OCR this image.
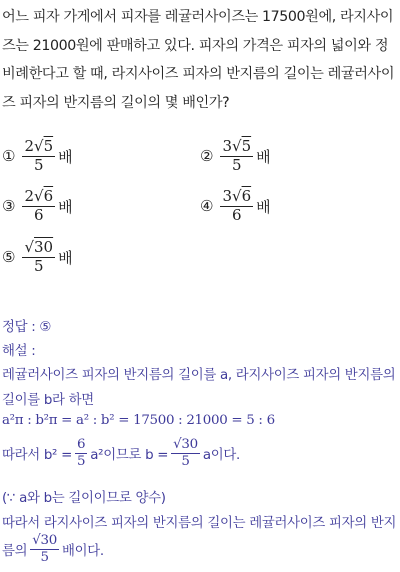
어느 피자 가게에서 피자를 레귤러사이즈는 17500원에, 라지사이
즈는 21000원에 판매하고 있다. 피자의 가격은 피자의 넓이와 정
비례한다고 할 때, 라지사이즈 피자의 반지름의 길이는 레귤러사이
즈 피자의 반지름의 길이의 몇 배인가?
① $\frac{2√5}{5}$ 배	② $\frac{3√5}{5}$ 배
③ $\frac{2√6}{6}$ 배	④ $\frac{3√6}{6}$ 배
⑤ $\frac{√30}{5}$ 배
정답 : ⑤
해설 :
레귤러사이즈 피자의 반지름의 길이를 a, 라지사이즈 피자의 반지름의
길이를 b라 하면
a²π : b²π = a² : b² = 17500 : 21000 = 5 : 6
따라서 $b^2 = \frac{6}{5} a^2$이므로 $b = \frac{√30}{5}$ a이다.
(∵ a와 b는 길이이므로 양수)
따라서 라지사이즈 피자의 반지름의 길이는 레귤러사이즈 피자의 반지
름의 $\frac{√30}{5}$ 배이다.
